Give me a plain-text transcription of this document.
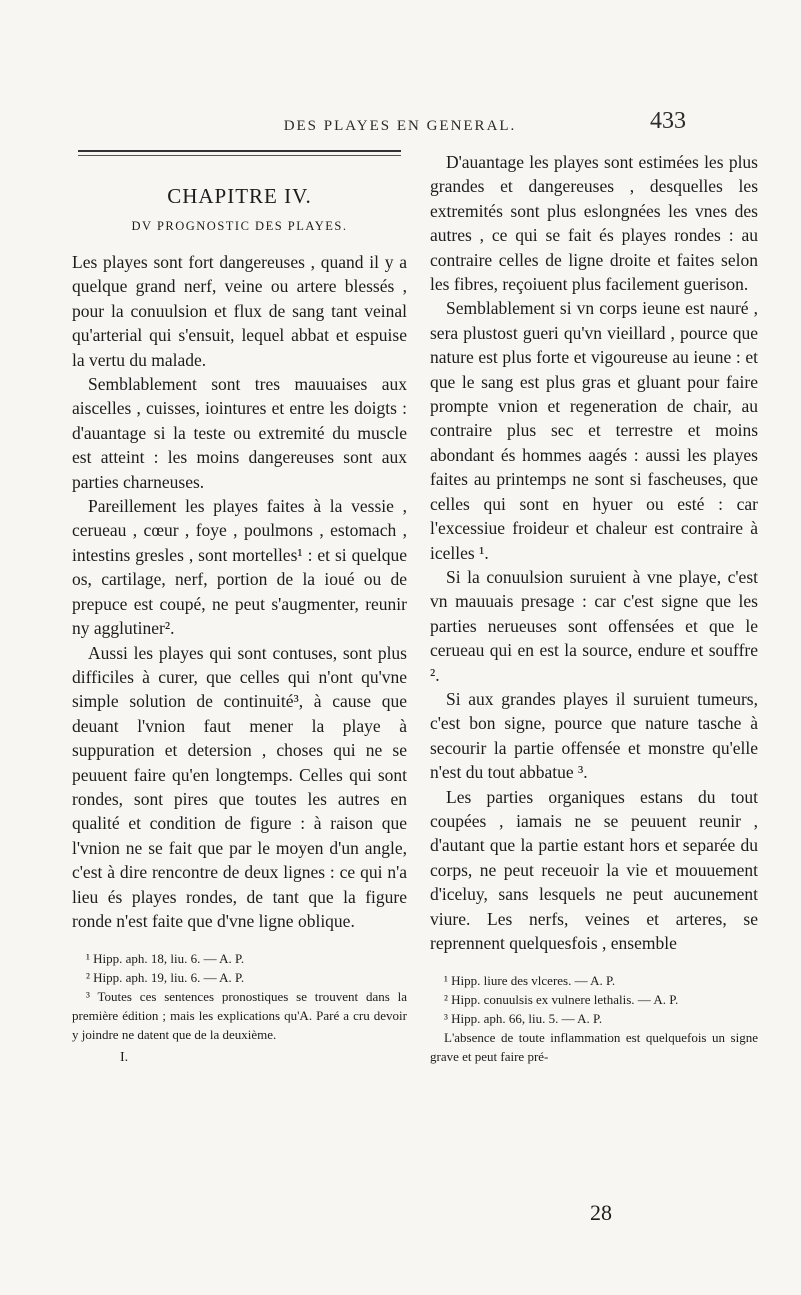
DES PLAYES EN GENERAL.	433
CHAPITRE IV.
DV PROGNOSTIC DES PLAYES.

Les playes sont fort dangereuses , quand il y a quelque grand nerf, veine ou artere blessés , pour la conuulsion et flux de sang tant veinal qu'arterial qui s'ensuit, lequel abbat et espuise la vertu du malade.

Semblablement sont tres mauuaises aux aiscelles , cuisses, iointures et entre les doigts : d'auantage si la teste ou extremité du muscle est atteint : les moins dangereuses sont aux parties charneuses.

Pareillement les playes faites à la vessie , cerueau , cœur , foye , poulmons , estomach , intestins gresles , sont mortelles¹ : et si quelque os, cartilage, nerf, portion de la ioué ou de prepuce est coupé, ne peut s'augmenter, reunir ny agglutiner².

Aussi les playes qui sont contuses, sont plus difficiles à curer, que celles qui n'ont qu'vne simple solution de continuité³, à cause que deuant l'vnion faut mener la playe à suppuration et detersion , choses qui ne se peuuent faire qu'en longtemps. Celles qui sont rondes, sont pires que toutes les autres en qualité et condition de figure : à raison que l'vnion ne se fait que par le moyen d'un angle, c'est à dire rencontre de deux lignes : ce qui n'a lieu és playes rondes, de tant que la figure ronde n'est faite que d'vne ligne oblique.

¹ Hipp. aph. 18, liu. 6. — A. P.

² Hipp. aph. 19, liu. 6. — A. P.

³ Toutes ces sentences pronostiques se trouvent dans la première édition ; mais les explications qu'A. Paré a cru devoir y joindre ne datent que de la deuxième.

I.

D'auantage les playes sont estimées les plus grandes et dangereuses , desquelles les extremités sont plus eslongnées les vnes des autres , ce qui se fait és playes rondes : au contraire celles de ligne droite et faites selon les fibres, reçoiuent plus facilement guerison.

Semblablement si vn corps ieune est nauré , sera plustost gueri qu'vn vieillard , pource que nature est plus forte et vigoureuse au ieune : et que le sang est plus gras et gluant pour faire prompte vnion et regeneration de chair, au contraire plus sec et terrestre et moins abondant és hommes aagés : aussi les playes faites au printemps ne sont si fascheuses, que celles qui sont en hyuer ou esté : car l'excessiue froideur et chaleur est contraire à icelles ¹.

Si la conuulsion suruient à vne playe, c'est vn mauuais presage : car c'est signe que les parties nerueuses sont offensées et que le cerueau qui en est la source, endure et souffre ².

Si aux grandes playes il suruient tumeurs, c'est bon signe, pource que nature tasche à secourir la partie offensée et monstre qu'elle n'est du tout abbatue ³.

Les parties organiques estans du tout coupées , iamais ne se peuuent reunir , d'autant que la partie estant hors et separée du corps, ne peut receuoir la vie et mouuement d'iceluy, sans lesquels ne peut aucunement viure. Les nerfs, veines et arteres, se reprennent quelquesfois , ensemble

¹ Hipp. liure des vlceres. — A. P.

² Hipp. conuulsis ex vulnere lethalis. — A. P.

³ Hipp. aph. 66, liu. 5. — A. P.

L'absence de toute inflammation est quelquefois un signe grave et peut faire pré-

28
